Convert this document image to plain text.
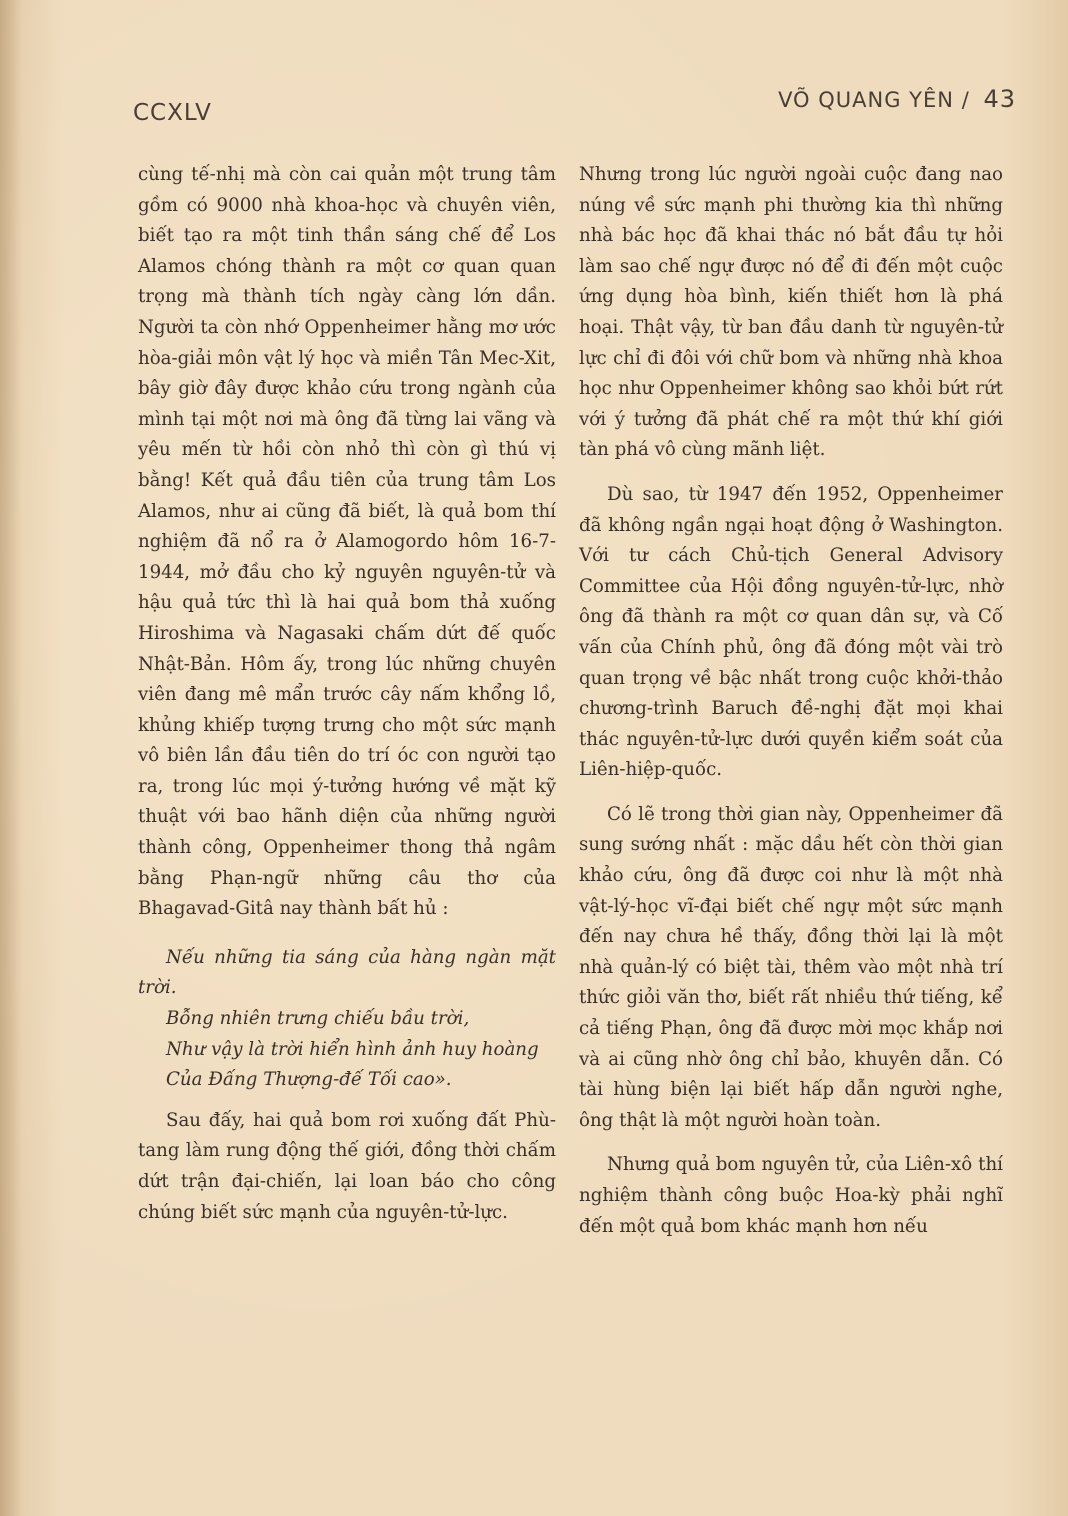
CCXLV	VÕ QUANG YÊN / 43

cùng tế-nhị mà còn cai quản một trung tâm gồm có 9000 nhà khoa-học và chuyên viên, biết tạo ra một tinh thần sáng chế để Los Alamos chóng thành ra một cơ quan quan trọng mà thành tích ngày càng lớn dần. Người ta còn nhớ Oppenheimer hằng mơ ước hòa-giải môn vật lý học và miền Tân Mec-Xit, bây giờ đây được khảo cứu trong ngành của mình tại một nơi mà ông đã từng lai vãng và yêu mến từ hồi còn nhỏ thì còn gì thú vị bằng! Kết quả đầu tiên của trung tâm Los Alamos, như ai cũng đã biết, là quả bom thí nghiệm đã nổ ra ở Alamogordo hôm 16-7-1944, mở đầu cho kỷ nguyên nguyên-tử và hậu quả tức thì là hai quả bom thả xuống Hiroshima và Nagasaki chấm dứt đế quốc Nhật-Bản. Hôm ấy, trong lúc những chuyên viên đang mê mẩn trước cây nấm khổng lồ, khủng khiếp tượng trưng cho một sức mạnh vô biên lần đầu tiên do trí óc con người tạo ra, trong lúc mọi ý-tưởng hướng về mặt kỹ thuật với bao hãnh diện của những người thành công, Oppenheimer thong thả ngâm bằng Phạn-ngữ những câu thơ của Bhagavad-Gitâ nay thành bất hủ :

Nếu những tia sáng của hàng ngàn mặt trời.

Bỗng nhiên trưng chiếu bầu trời,

Như vậy là trời hiển hình ảnh huy hoàng

Của Đấng Thượng-đế Tối cao».

Sau đấy, hai quả bom rơi xuống đất Phù-tang làm rung động thế giới, đồng thời chấm dứt trận đại-chiến, lại loan báo cho công chúng biết sức mạnh của nguyên-tử-lực.

Nhưng trong lúc người ngoài cuộc đang nao núng về sức mạnh phi thường kia thì những nhà bác học đã khai thác nó bắt đầu tự hỏi làm sao chế ngự được nó để đi đến một cuộc ứng dụng hòa bình, kiến thiết hơn là phá hoại. Thật vậy, từ ban đầu danh từ nguyên-tử lực chỉ đi đôi với chữ bom và những nhà khoa học như Oppenheimer không sao khỏi bứt rứt với ý tưởng đã phát chế ra một thứ khí giới tàn phá vô cùng mãnh liệt.

Dù sao, từ 1947 đến 1952, Oppenheimer đã không ngần ngại hoạt động ở Washington. Với tư cách Chủ-tịch General Advisory Committee của Hội đồng nguyên-tử-lực, nhờ ông đã thành ra một cơ quan dân sự, và Cố vấn của Chính phủ, ông đã đóng một vài trò quan trọng về bậc nhất trong cuộc khởi-thảo chương-trình Baruch đề-nghị đặt mọi khai thác nguyên-tử-lực dưới quyền kiểm soát của Liên-hiệp-quốc.

Có lẽ trong thời gian này, Oppenheimer đã sung sướng nhất : mặc dầu hết còn thời gian khảo cứu, ông đã được coi như là một nhà vật-lý-học vĩ-đại biết chế ngự một sức mạnh đến nay chưa hề thấy, đồng thời lại là một nhà quản-lý có biệt tài, thêm vào một nhà trí thức giỏi văn thơ, biết rất nhiều thứ tiếng, kể cả tiếng Phạn, ông đã được mời mọc khắp nơi và ai cũng nhờ ông chỉ bảo, khuyên dẫn. Có tài hùng biện lại biết hấp dẫn người nghe, ông thật là một người hoàn toàn.

Nhưng quả bom nguyên tử, của Liên-xô thí nghiệm thành công buộc Hoa-kỳ phải nghĩ đến một quả bom khác mạnh hơn nếu
